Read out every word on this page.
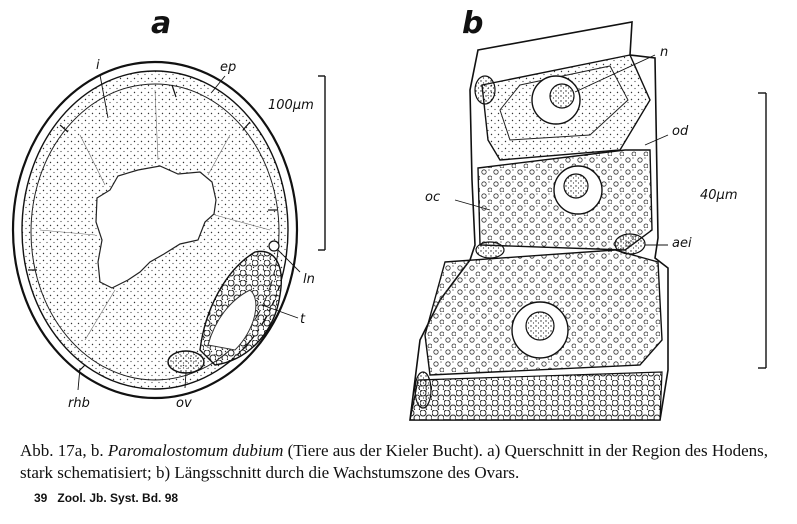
a
i	ep
100µm
ln
t
rhb	ov
b
n
od
oc	40µm
aei
Abb. 17a, b. Paromalostomum dubium (Tiere aus der Kieler Bucht). a) Querschnitt in der Region des Hodens, stark schematisiert; b) Längsschnitt durch die Wachstumszone des Ovars.
39 Zool. Jb. Syst. Bd. 98
